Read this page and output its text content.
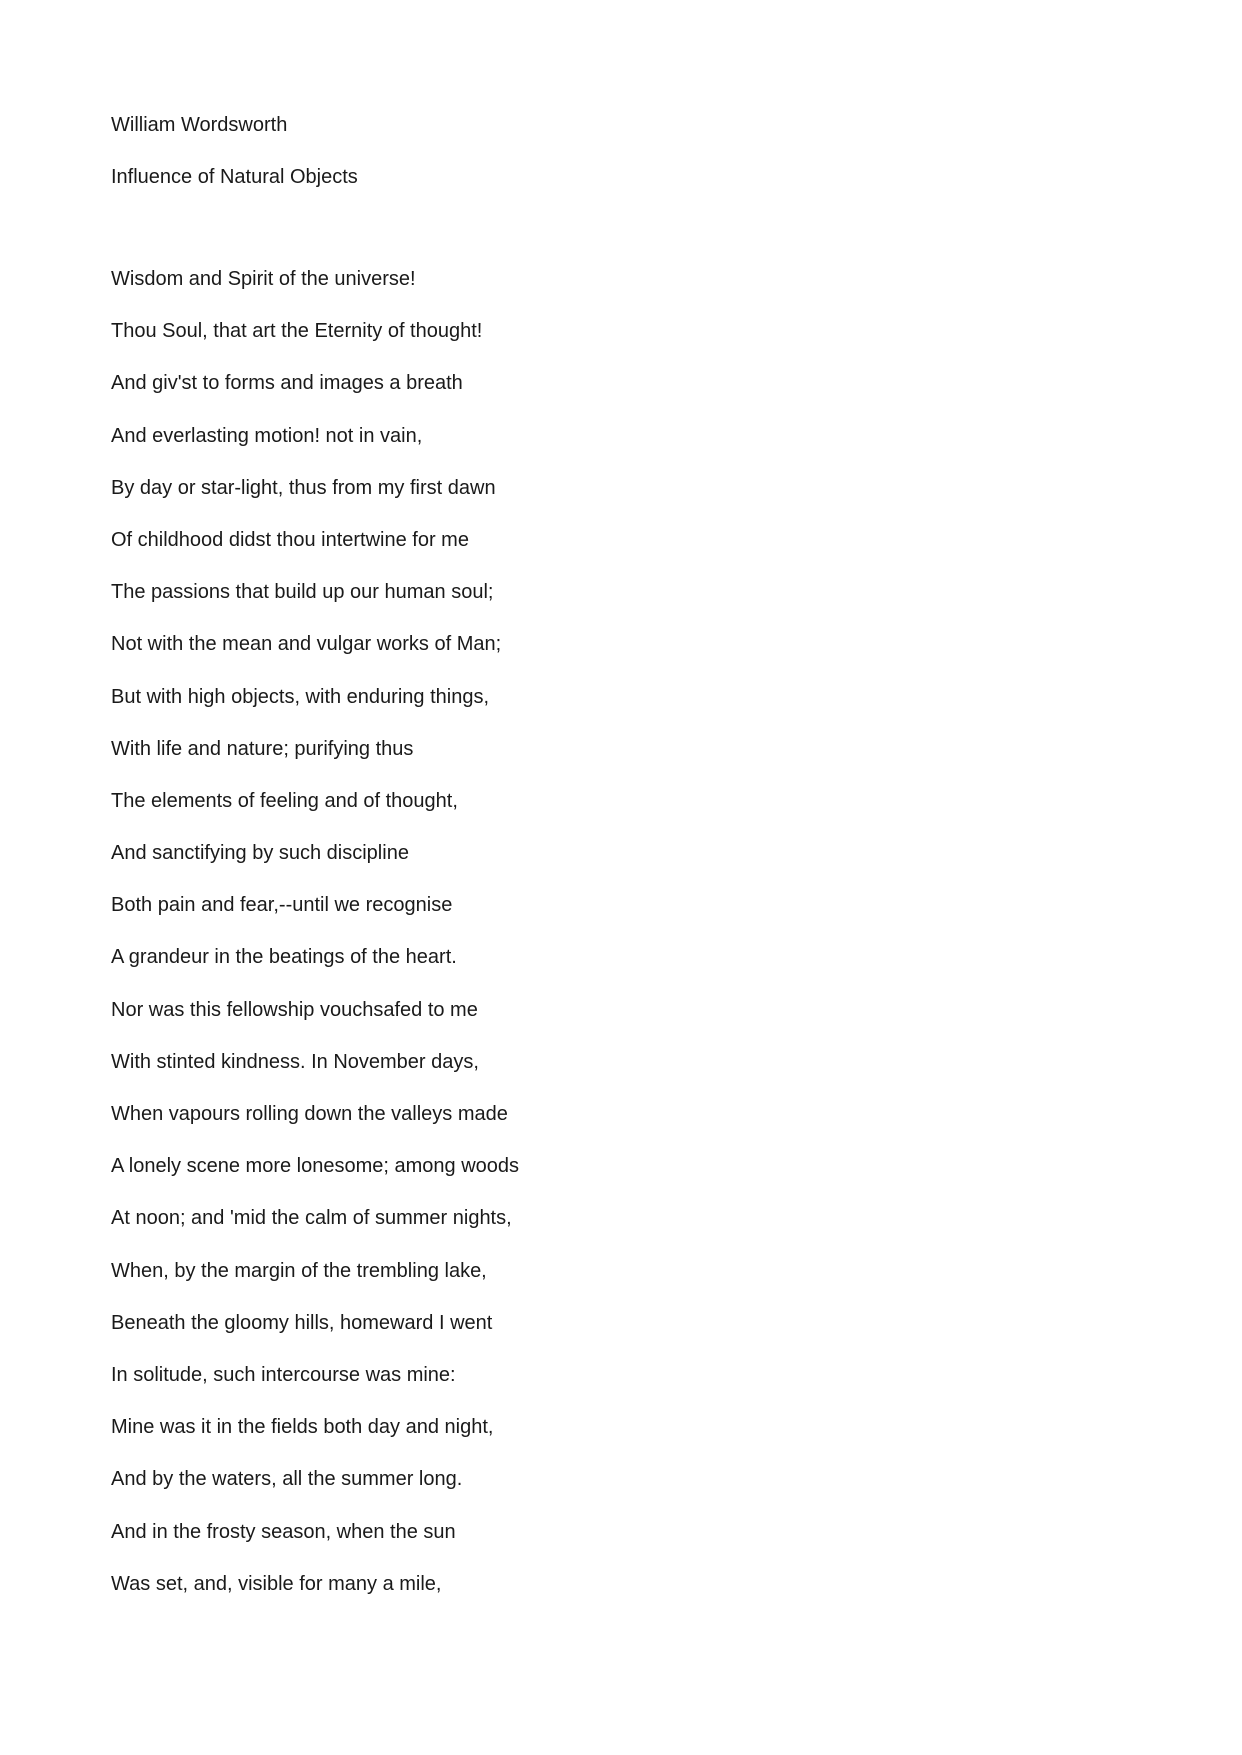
William Wordsworth
Influence of Natural Objects
Wisdom and Spirit of the universe!
Thou Soul, that art the Eternity of thought!
And giv'st to forms and images a breath
And everlasting motion! not in vain,
By day or star-light, thus from my first dawn
Of childhood didst thou intertwine for me
The passions that build up our human soul;
Not with the mean and vulgar works of Man;
But with high objects, with enduring things,
With life and nature; purifying thus
The elements of feeling and of thought,
And sanctifying by such discipline
Both pain and fear,--until we recognise
A grandeur in the beatings of the heart.
Nor was this fellowship vouchsafed to me
With stinted kindness. In November days,
When vapours rolling down the valleys made
A lonely scene more lonesome; among woods
At noon; and 'mid the calm of summer nights,
When, by the margin of the trembling lake,
Beneath the gloomy hills, homeward I went
In solitude, such intercourse was mine:
Mine was it in the fields both day and night,
And by the waters, all the summer long.
And in the frosty season, when the sun
Was set, and, visible for many a mile,
